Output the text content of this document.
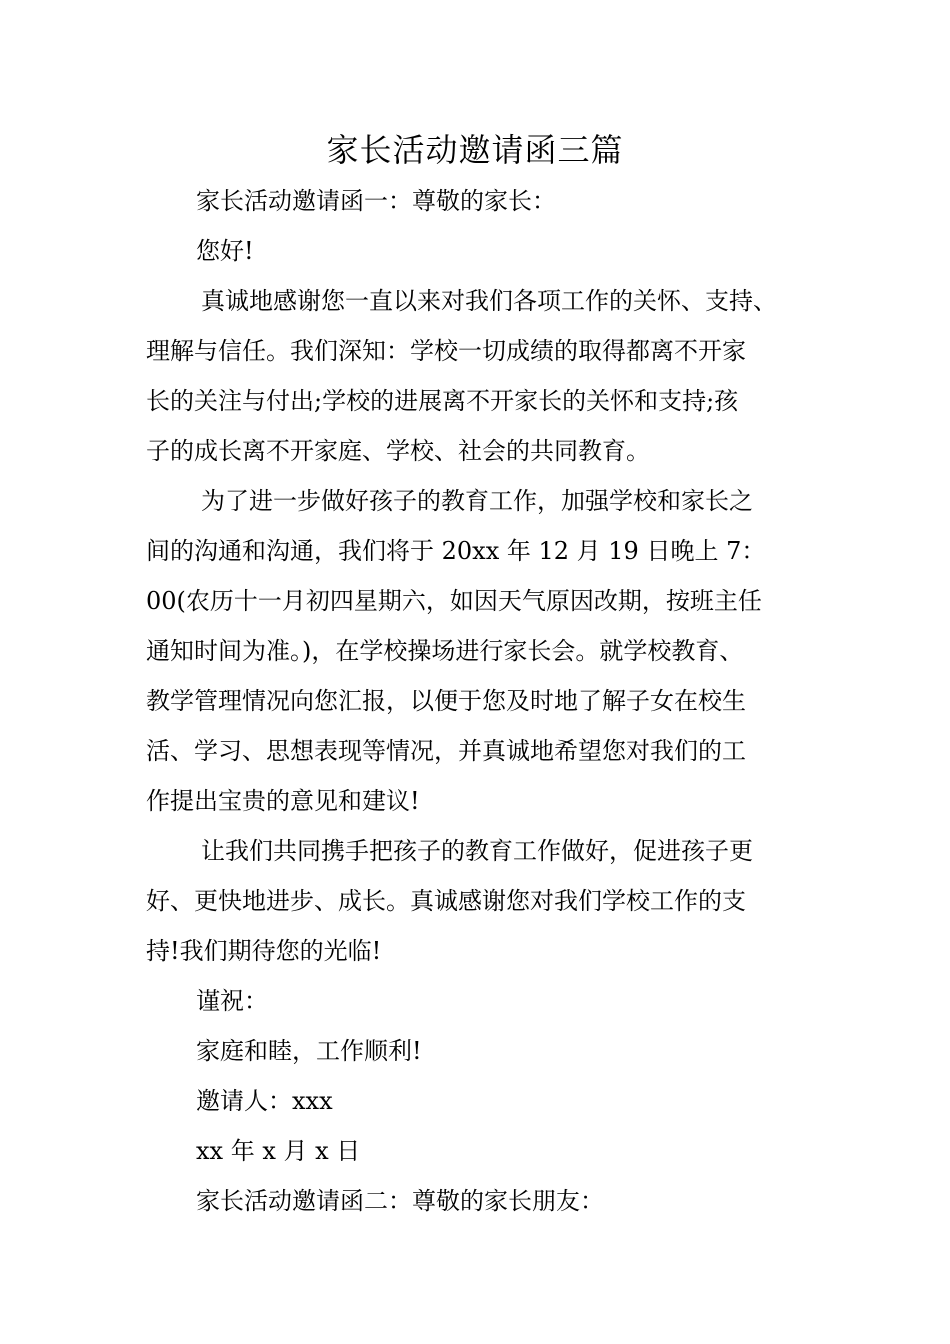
家长活动邀请函三篇

家长活动邀请函一：尊敬的家长：

您好!

真诚地感谢您一直以来对我们各项工作的关怀、支持、

理解与信任。我们深知：学校一切成绩的取得都离不开家

长的关注与付出;学校的进展离不开家长的关怀和支持;孩

子的成长离不开家庭、学校、社会的共同教育。

为了进一步做好孩子的教育工作，加强学校和家长之

间的沟通和沟通，我们将于 20xx 年 12 月 19 日晚上 7：

00(农历十一月初四星期六，如因天气原因改期，按班主任

通知时间为准。)，在学校操场进行家长会。就学校教育、

教学管理情况向您汇报，以便于您及时地了解子女在校生

活、学习、思想表现等情况，并真诚地希望您对我们的工

作提出宝贵的意见和建议!

让我们共同携手把孩子的教育工作做好，促进孩子更

好、更快地进步、成长。真诚感谢您对我们学校工作的支

持!我们期待您的光临!

谨祝：

家庭和睦，工作顺利!

邀请人：xxx

xx 年 x 月 x 日

家长活动邀请函二：尊敬的家长朋友：
